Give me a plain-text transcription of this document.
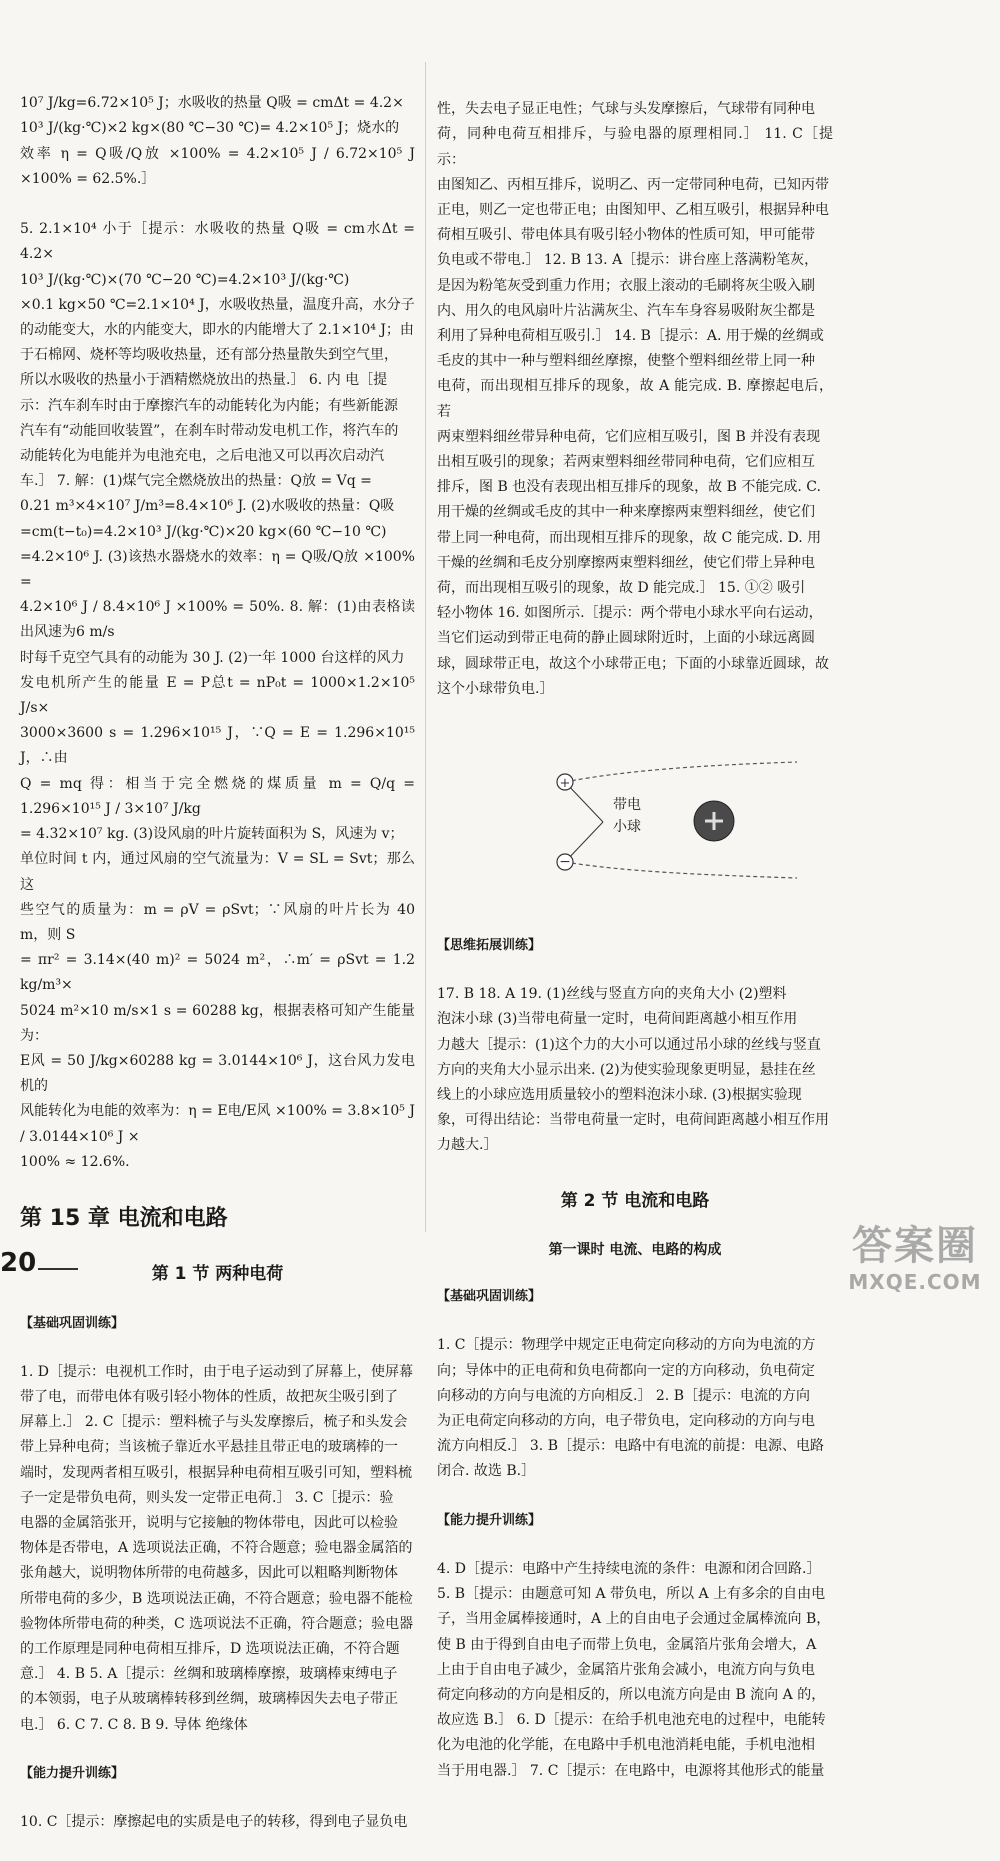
10⁷ J/kg=6.72×10⁵ J；水吸收的热量 Q吸 = cmΔt = 4.2×
10³ J/(kg·℃)×2 kg×(80 ℃−30 ℃)= 4.2×10⁵ J；烧水的
效率 η = Q吸/Q放 ×100% = 4.2×10⁵ J / 6.72×10⁵ J ×100% = 62.5%.］

5. 2.1×10⁴ 小于［提示：水吸收的热量 Q吸 = cm水Δt = 4.2×
10³ J/(kg·℃)×(70 ℃−20 ℃)=4.2×10³ J/(kg·℃)
×0.1 kg×50 ℃=2.1×10⁴ J，水吸收热量，温度升高，水分子
的动能变大，水的内能变大，即水的内能增大了 2.1×10⁴ J；由
于石棉网、烧杯等均吸收热量，还有部分热量散失到空气里，
所以水吸收的热量小于酒精燃烧放出的热量.］ 6. 内 电［提
示：汽车刹车时由于摩擦汽车的动能转化为内能；有些新能源
汽车有“动能回收装置”，在刹车时带动发电机工作，将汽车的
动能转化为电能并为电池充电，之后电池又可以再次启动汽
车.］ 7. 解：(1)煤气完全燃烧放出的热量：Q放 = Vq =
0.21 m³×4×10⁷ J/m³=8.4×10⁶ J. (2)水吸收的热量：Q吸
=cm(t−t₀)=4.2×10³ J/(kg·℃)×20 kg×(60 ℃−10 ℃)
=4.2×10⁶ J. (3)该热水器烧水的效率：η = Q吸/Q放 ×100% =
4.2×10⁶ J / 8.4×10⁶ J ×100% = 50%. 8. 解：(1)由表格读出风速为6 m/s
时每千克空气具有的动能为 30 J. (2)一年 1000 台这样的风力
发电机所产生的能量 E = P总t = nP₀t = 1000×1.2×10⁵ J/s×
3000×3600 s = 1.296×10¹⁵ J，∵Q = E = 1.296×10¹⁵ J，∴由
Q = mq 得：相当于完全燃烧的煤质量 m = Q/q = 1.296×10¹⁵ J / 3×10⁷ J/kg
= 4.32×10⁷ kg. (3)设风扇的叶片旋转面积为 S，风速为 v；
单位时间 t 内，通过风扇的空气流量为：V = SL = Svt；那么这
些空气的质量为：m = ρV = ρSvt；∵风扇的叶片长为 40 m，则 S
= πr² = 3.14×(40 m)² = 5024 m²，∴m′ = ρSvt = 1.2 kg/m³×
5024 m²×10 m/s×1 s = 60288 kg，根据表格可知产生能量为：
E风 = 50 J/kg×60288 kg = 3.0144×10⁶ J，这台风力发电机的
风能转化为电能的效率为：η = E电/E风 ×100% = 3.8×10⁵ J / 3.0144×10⁶ J ×
100% ≈ 12.6%.

第 15 章 电流和电路

第 1 节 两种电荷

【基础巩固训练】

1. D［提示：电视机工作时，由于电子运动到了屏幕上，使屏幕
带了电，而带电体有吸引轻小物体的性质，故把灰尘吸引到了
屏幕上.］ 2. C［提示：塑料梳子与头发摩擦后，梳子和头发会
带上异种电荷；当该梳子靠近水平悬挂且带正电的玻璃棒的一
端时，发现两者相互吸引，根据异种电荷相互吸引可知，塑料梳
子一定是带负电荷，则头发一定带正电荷.］ 3. C［提示：验
电器的金属箔张开，说明与它接触的物体带电，因此可以检验
物体是否带电，A 选项说法正确，不符合题意；验电器金属箔的
张角越大，说明物体所带的电荷越多，因此可以粗略判断物体
所带电荷的多少，B 选项说法正确，不符合题意；验电器不能检
验物体所带电荷的种类，C 选项说法不正确，符合题意；验电器
的工作原理是同种电荷相互排斥，D 选项说法正确，不符合题
意.］ 4. B 5. A［提示：丝绸和玻璃棒摩擦，玻璃棒束缚电子
的本领弱，电子从玻璃棒转移到丝绸，玻璃棒因失去电子带正
电.］ 6. C 7. C 8. B 9. 导体 绝缘体

【能力提升训练】

10. C［提示：摩擦起电的实质是电子的转移，得到电子显负电

性，失去电子显正电性；气球与头发摩擦后，气球带有同种电
荷，同种电荷互相排斥，与验电器的原理相同.］ 11. C［提示：
由图知乙、丙相互排斥，说明乙、丙一定带同种电荷，已知丙带
正电，则乙一定也带正电；由图知甲、乙相互吸引，根据异种电
荷相互吸引、带电体具有吸引轻小物体的性质可知，甲可能带
负电或不带电.］ 12. B 13. A［提示：讲台座上落满粉笔灰，
是因为粉笔灰受到重力作用；衣服上滚动的毛刷将灰尘吸入刷
内、用久的电风扇叶片沾满灰尘、汽车车身容易吸附灰尘都是
利用了异种电荷相互吸引.］ 14. B［提示：A. 用于燥的丝绸或
毛皮的其中一种与塑料细丝摩擦，使整个塑料细丝带上同一种
电荷，而出现相互排斥的现象，故 A 能完成. B. 摩擦起电后，若
两束塑料细丝带异种电荷，它们应相互吸引，图 B 并没有表现
出相互吸引的现象；若两束塑料细丝带同种电荷，它们应相互
排斥，图 B 也没有表现出相互排斥的现象，故 B 不能完成. C.
用干燥的丝绸或毛皮的其中一种来摩擦两束塑料细丝，使它们
带上同一种电荷，而出现相互排斥的现象，故 C 能完成. D. 用
干燥的丝绸和毛皮分别摩擦两束塑料细丝，使它们带上异种电
荷，而出现相互吸引的现象，故 D 能完成.］ 15. ①② 吸引
轻小物体 16. 如图所示.［提示：两个带电小球水平向右运动，
当它们运动到带正电荷的静止圆球附近时，上面的小球远离圆
球，圆球带正电，故这个小球带正电；下面的小球靠近圆球，故
这个小球带负电.］

+
−

带电
小球

【思维拓展训练】

17. B 18. A 19. (1)丝线与竖直方向的夹角大小 (2)塑料
泡沫小球 (3)当带电荷量一定时，电荷间距离越小相互作用
力越大［提示：(1)这个力的大小可以通过吊小球的丝线与竖直
方向的夹角大小显示出来. (2)为使实验现象更明显，悬挂在丝
线上的小球应选用质量较小的塑料泡沫小球. (3)根据实验现
象，可得出结论：当带电荷量一定时，电荷间距离越小相互作用
力越大.］

第 2 节 电流和电路

第一课时 电流、电路的构成

【基础巩固训练】

1. C［提示：物理学中规定正电荷定向移动的方向为电流的方
向；导体中的正电荷和负电荷都向一定的方向移动，负电荷定
向移动的方向与电流的方向相反.］ 2. B［提示：电流的方向
为正电荷定向移动的方向，电子带负电，定向移动的方向与电
流方向相反.］ 3. B［提示：电路中有电流的前提：电源、电路
闭合. 故选 B.］

【能力提升训练】

4. D［提示：电路中产生持续电流的条件：电源和闭合回路.］
5. B［提示：由题意可知 A 带负电，所以 A 上有多余的自由电
子，当用金属棒接通时，A 上的自由电子会通过金属棒流向 B，
使 B 由于得到自由电子而带上负电，金属箔片张角会增大，A
上由于自由电子减少，金属箔片张角会减小，电流方向与负电
荷定向移动的方向是相反的，所以电流方向是由 B 流向 A 的，
故应选 B.］ 6. D［提示：在给手机电池充电的过程中，电能转
化为电池的化学能，在电路中手机电池消耗电能，手机电池相
当于用电器.］ 7. C［提示：在电路中，电源将其他形式的能量

20	答案圈
MXQE.COM
